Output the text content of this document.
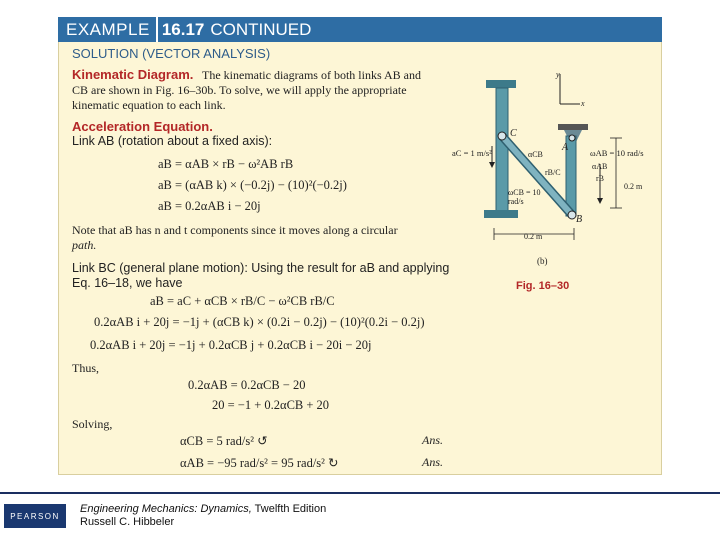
EXAMPLE 16.17 CONTINUED
SOLUTION (VECTOR ANALYSIS)
Kinematic Diagram. The kinematic diagrams of both links AB and
CB are shown in Fig. 16–30b. To solve, we will apply the appropriate
kinematic equation to each link.
Acceleration Equation.
Link AB (rotation about a fixed axis):
aB = αAB × rB − ω²AB rB
aB = (αAB k) × (−0.2j) − (10)²(−0.2j)
aB = 0.2αAB i − 20j
Note that aB has n and t components since it moves along a circular
path.
Link BC (general plane motion): Using the result for aB and applying
Eq. 16–18, we have
aB = aC + αCB × rB/C − ω²CB rB/C
0.2αAB i + 20j = −1j + (αCB k) × (0.2i − 0.2j) − (10)²(0.2i − 0.2j)
0.2αAB i + 20j = −1j + 0.2αCB j + 0.2αCB i − 20i − 20j
Thus,
0.2αAB = 0.2αCB − 20
20 = −1 + 0.2αCB + 20
Solving,
αCB = 5 rad/s² ↺	Ans.
αAB = −95 rad/s² = 95 rad/s² ↻	Ans.
y
x
C
A
B
aC = 1 m/s²	ωAB = 10 rad/s
αCB
αAB
rB/C
rB
0.2 m
ωCB = 10 rad/s
0.2 m
(b)
Fig. 16–30
PEARSON
Engineering Mechanics: Dynamics, Twelfth Edition
Russell C. Hibbeler
